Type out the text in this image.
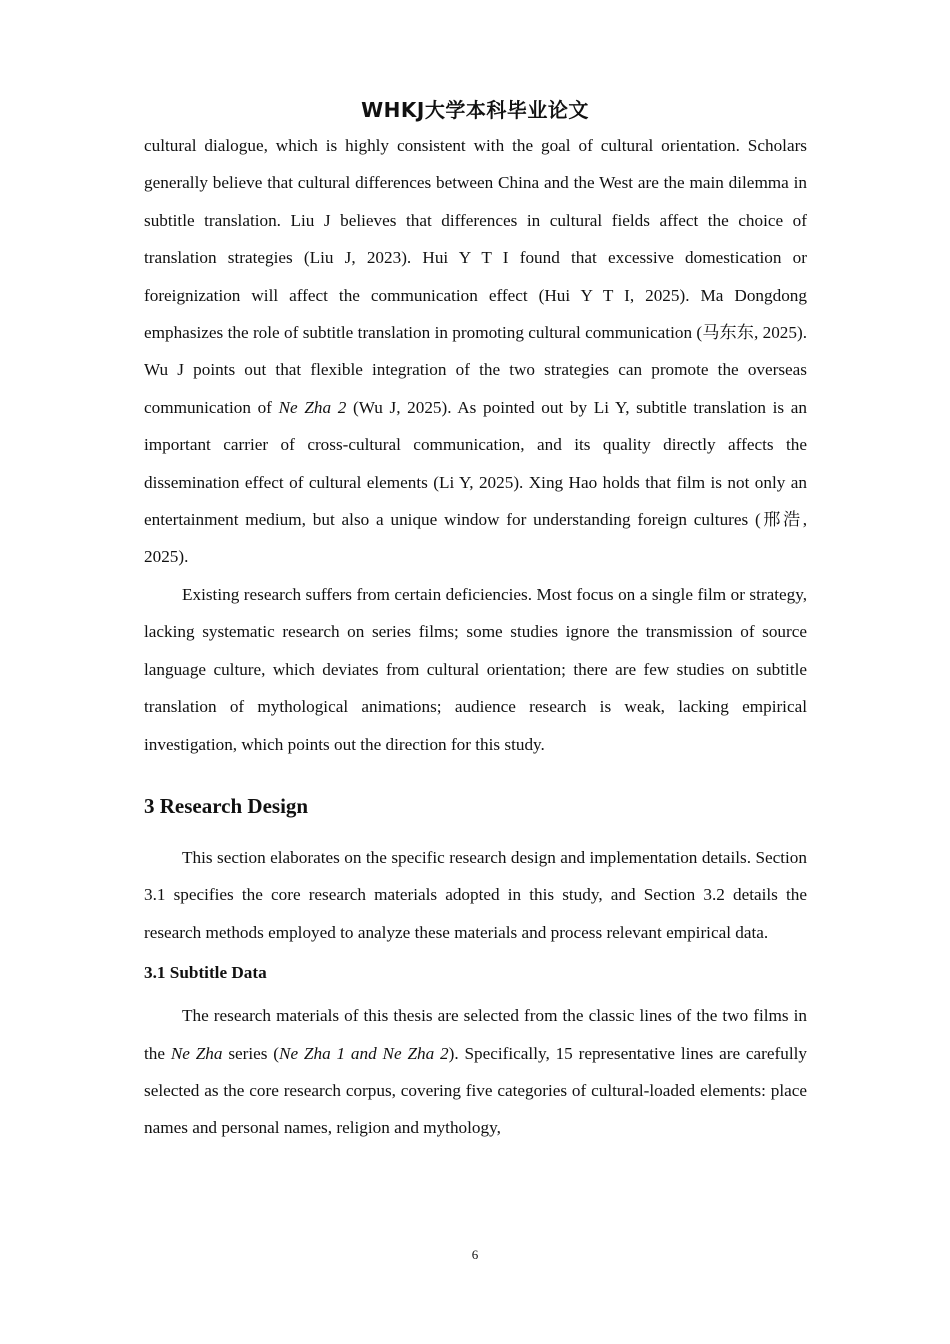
WHKJ大学本科毕业论文

cultural dialogue, which is highly consistent with the goal of cultural orientation. Scholars generally believe that cultural differences between China and the West are the main dilemma in subtitle translation. Liu J believes that differences in cultural fields affect the choice of translation strategies (Liu J, 2023). Hui Y T I found that excessive domestication or foreignization will affect the communication effect (Hui Y T I, 2025). Ma Dongdong emphasizes the role of subtitle translation in promoting cultural communication (马东东, 2025). Wu J points out that flexible integration of the two strategies can promote the overseas communication of Ne Zha 2 (Wu J, 2025). As pointed out by Li Y, subtitle translation is an important carrier of cross-cultural communication, and its quality directly affects the dissemination effect of cultural elements (Li Y, 2025). Xing Hao holds that film is not only an entertainment medium, but also a unique window for understanding foreign cultures (邢浩, 2025).

Existing research suffers from certain deficiencies. Most focus on a single film or strategy, lacking systematic research on series films; some studies ignore the transmission of source language culture, which deviates from cultural orientation; there are few studies on subtitle translation of mythological animations; audience research is weak, lacking empirical investigation, which points out the direction for this study.

3 Research Design

This section elaborates on the specific research design and implementation details. Section 3.1 specifies the core research materials adopted in this study, and Section 3.2 details the research methods employed to analyze these materials and process relevant empirical data.

3.1 Subtitle Data

The research materials of this thesis are selected from the classic lines of the two films in the Ne Zha series (Ne Zha 1 and Ne Zha 2). Specifically, 15 representative lines are carefully selected as the core research corpus, covering five categories of cultural-loaded elements: place names and personal names, religion and mythology,

6
